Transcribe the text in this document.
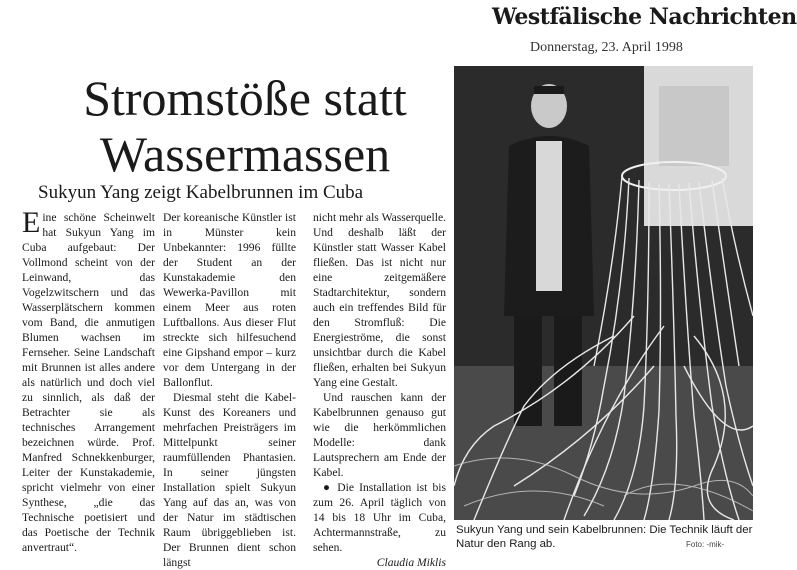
Westfälische Nachrichten
Donnerstag, 23. April 1998
Stromstöße statt Wassermassen
Sukyun Yang zeigt Kabelbrunnen im Cuba

Eine schöne Scheinwelt hat Sukyun Yang im Cuba aufgebaut: Der Vollmond scheint von der Leinwand, das Vogelzwitschern und das Wasserplätschern kommen vom Band, die anmutigen Blumen wachsen im Fernseher. Seine Landschaft mit Brunnen ist alles andere als natürlich und doch viel zu sinnlich, als daß der Betrachter sie als technisches Arrangement bezeichnen würde. Prof. Manfred Schnekkenburger, Leiter der Kunstakademie, spricht vielmehr von einer Synthese, „die das Technische poetisiert und das Poetische der Technik anvertraut“.

Der koreanische Künstler ist in Münster kein Unbekannter: 1996 füllte der Student an der Kunstakademie den Wewerka-Pavillon mit einem Meer aus roten Luftballons. Aus dieser Flut streckte sich hilfesuchend eine Gipshand empor – kurz vor dem Untergang in der Ballonflut.

Diesmal steht die Kabel-Kunst des Koreaners und mehrfachen Preisträgers im Mittelpunkt seiner raumfüllenden Phantasien. In seiner jüngsten Installation spielt Sukyun Yang auf das an, was von der Natur im städtischen Raum übriggeblieben ist. Der Brunnen dient schon längst

nicht mehr als Wasserquelle. Und deshalb läßt der Künstler statt Wasser Kabel fließen. Das ist nicht nur eine zeitgemäßere Stadtarchitektur, sondern auch ein treffendes Bild für den Stromfluß: Die Energieströme, die sonst unsichtbar durch die Kabel fließen, erhalten bei Sukyun Yang eine Gestalt.

Und rauschen kann der Kabelbrunnen genauso gut wie die herkömmlichen Modelle: dank Lautsprechern am Ende der Kabel.

● Die Installation ist bis zum 26. April täglich von 14 bis 18 Uhr im Cuba, Achtermannstraße, zu sehen.

Claudia Miklis

Sukyun Yang und sein Kabelbrunnen: Die Technik läuft der Natur den Rang ab.	Foto: -mik-
